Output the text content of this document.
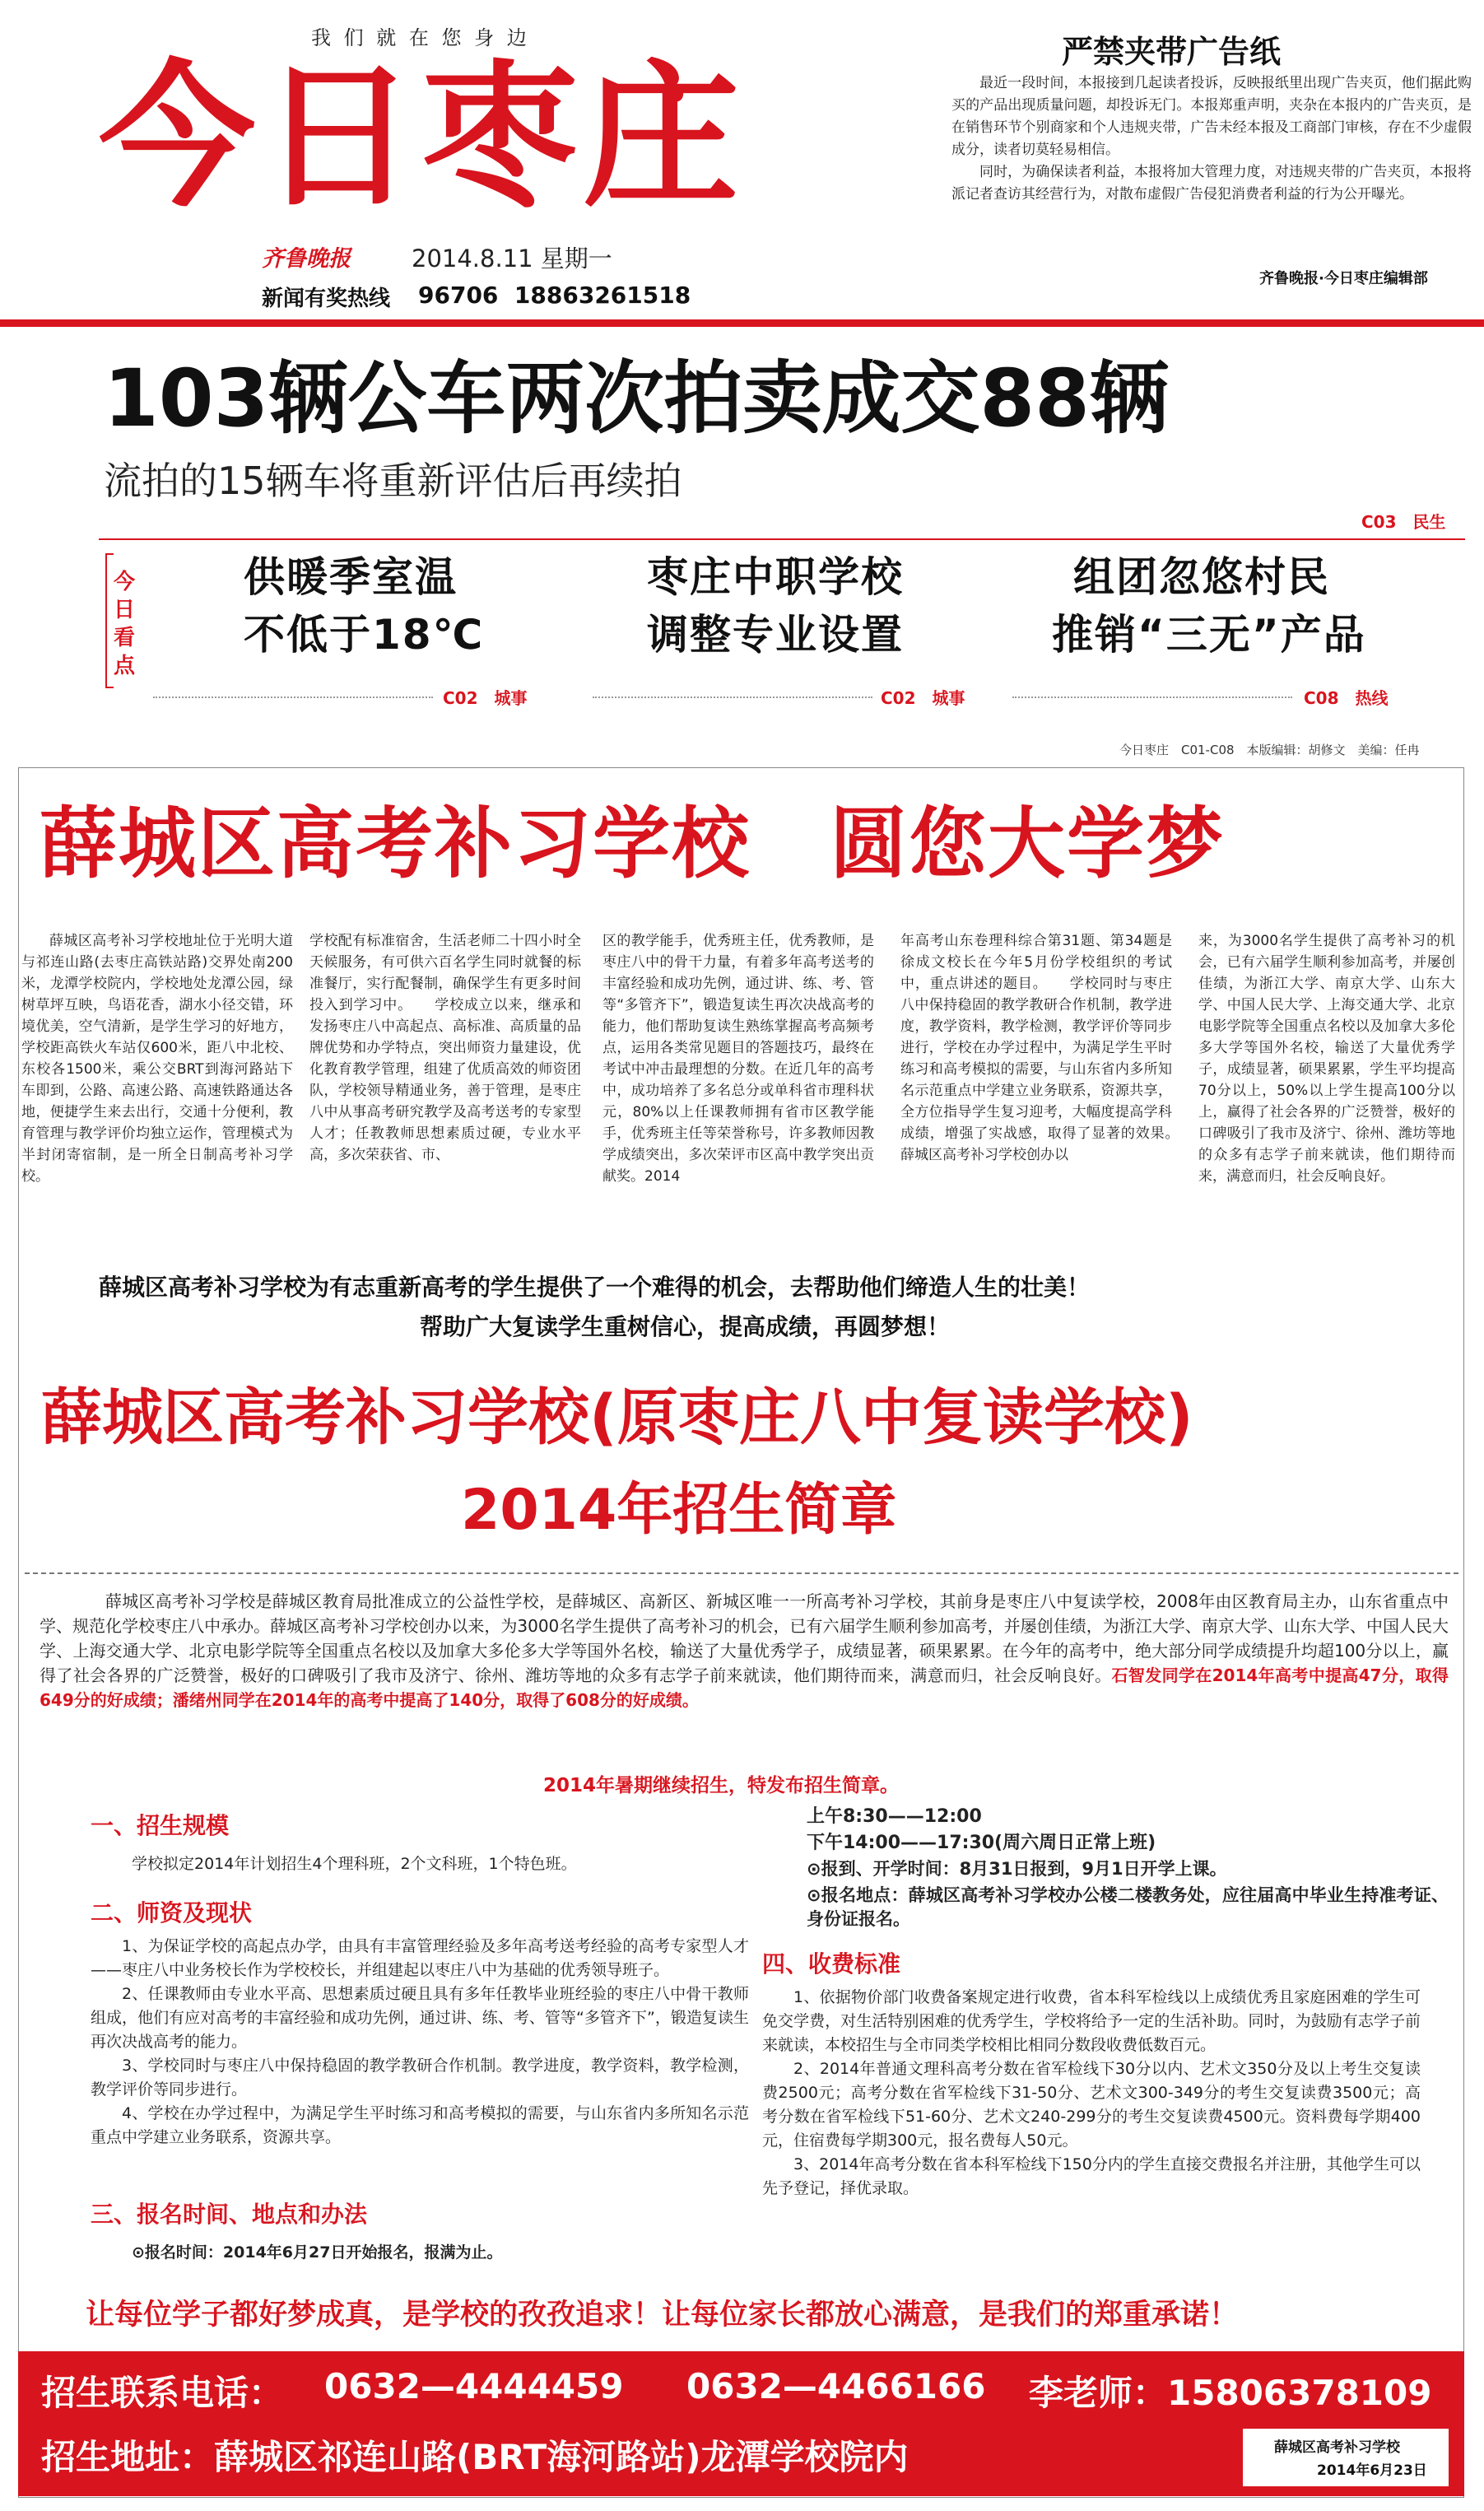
我 们 就 在 您 身 边
今日枣庄
齐鲁晚报	2014.8.11 星期一
新闻有奖热线 96706  18863261518
严禁夹带广告纸

最近一段时间，本报接到几起读者投诉，反映报纸里出现广告夹页，他们据此购买的产品出现质量问题，却投诉无门。本报郑重声明，夹杂在本报内的广告夹页，是在销售环节个别商家和个人违规夹带，广告未经本报及工商部门审核，存在不少虚假成分，读者切莫轻易相信。

同时，为确保读者利益，本报将加大管理力度，对违规夹带的广告夹页，本报将派记者查访其经营行为，对散布虚假广告侵犯消费者利益的行为公开曝光。

齐鲁晚报·今日枣庄编辑部
103辆公车两次拍卖成交88辆
流拍的15辆车将重新评估后再续拍
C03　 民生
今日看点
供暖季室温
不低于18℃
C02　 城事
枣庄中职学校
调整专业设置
C02　 城事
组团忽悠村民
推销“三无”产品
C08　 热线
今日枣庄　C01-C08　本版编辑：胡修文　美编：任冉
薛城区高考补习学校　圆您大学梦
薛城区高考补习学校地址位于光明大道与祁连山路(去枣庄高铁站路)交界处南200米，龙潭学校院内，学校地处龙潭公园，绿树草坪互映，鸟语花香，湖水小径交错，环境优美，空气清新，是学生学习的好地方，学校距高铁火车站仅600米，距八中北校、东校各1500米，乘公交BRT到海河路站下车即到，公路、高速公路、高速铁路通达各地，便捷学生来去出行，交通十分便利，教育管理与教学评价均独立运作，管理模式为半封闭寄宿制，是一所全日制高考补习学校。
学校配有标准宿舍，生活老师二十四小时全天候服务，有可供六百名学生同时就餐的标准餐厅，实行配餐制，确保学生有更多时间投入到学习中。　　学校成立以来，继承和发扬枣庄八中高起点、高标准、高质量的品牌优势和办学特点，突出师资力量建设，优化教育教学管理，组建了优质高效的师资团队，学校领导精通业务，善于管理，是枣庄八中从事高考研究教学及高考送考的专家型人才；任教教师思想素质过硬，专业水平高，多次荣获省、市、
区的教学能手，优秀班主任，优秀教师，是枣庄八中的骨干力量，有着多年高考送考的丰富经验和成功先例，通过讲、练、考、管等“多管齐下”，锻造复读生再次决战高考的能力，他们帮助复读生熟练掌握高考高频考点，运用各类常见题目的答题技巧，最终在考试中冲击最理想的分数。在近几年的高考中，成功培养了多名总分或单科省市理科状元，80%以上任课教师拥有省市区教学能手，优秀班主任等荣誉称号，许多教师因教学成绩突出，多次荣评市区高中教学突出贡献奖。2014
年高考山东卷理科综合第31题、第34题是徐成文校长在今年5月份学校组织的考试中，重点讲述的题目。　　学校同时与枣庄八中保持稳固的教学教研合作机制，教学进度，教学资料，教学检测，教学评价等同步进行，学校在办学过程中，为满足学生平时练习和高考模拟的需要，与山东省内多所知名示范重点中学建立业务联系，资源共享，全方位指导学生复习迎考，大幅度提高学科成绩，增强了实战感，取得了显著的效果。　　薛城区高考补习学校创办以
来，为3000名学生提供了高考补习的机会，已有六届学生顺利参加高考，并屡创佳绩，为浙江大学、南京大学、山东大学、中国人民大学、上海交通大学、北京电影学院等全国重点名校以及加拿大多伦多大学等国外名校，输送了大量优秀学子，成绩显著，硕果累累，学生平均提高70分以上，50%以上学生提高100分以上，赢得了社会各界的广泛赞誉，极好的口碑吸引了我市及济宁、徐州、潍坊等地的众多有志学子前来就读，他们期待而来，满意而归，社会反响良好。
薛城区高考补习学校为有志重新高考的学生提供了一个难得的机会，去帮助他们缔造人生的壮美！
帮助广大复读学生重树信心，提高成绩，再圆梦想！
薛城区高考补习学校(原枣庄八中复读学校)
2014年招生简章
薛城区高考补习学校是薛城区教育局批准成立的公益性学校，是薛城区、高新区、新城区唯一一所高考补习学校，其前身是枣庄八中复读学校，2008年由区教育局主办，山东省重点中学、规范化学校枣庄八中承办。薛城区高考补习学校创办以来，为3000名学生提供了高考补习的机会，已有六届学生顺利参加高考，并屡创佳绩，为浙江大学、南京大学、山东大学、中国人民大学、上海交通大学、北京电影学院等全国重点名校以及加拿大多伦多大学等国外名校，输送了大量优秀学子，成绩显著，硕果累累。在今年的高考中，绝大部分同学成绩提升均超100分以上，赢得了社会各界的广泛赞誉，极好的口碑吸引了我市及济宁、徐州、潍坊等地的众多有志学子前来就读，他们期待而来，满意而归，社会反响良好。石智发同学在2014年高考中提高47分，取得649分的好成绩；潘绪州同学在2014年的高考中提高了140分，取得了608分的好成绩。
2014年暑期继续招生，特发布招生简章。
一、招生规模
学校拟定2014年计划招生4个理科班，2个文科班，1个特色班。
二、师资及现状

1、为保证学校的高起点办学，由具有丰富管理经验及多年高考送考经验的高考专家型人才——枣庄八中业务校长作为学校校长，并组建起以枣庄八中为基础的优秀领导班子。

2、任课教师由专业水平高、思想素质过硬且具有多年任教毕业班经验的枣庄八中骨干教师组成，他们有应对高考的丰富经验和成功先例，通过讲、练、考、管等“多管齐下”，锻造复读生再次决战高考的能力。

3、学校同时与枣庄八中保持稳固的教学教研合作机制。教学进度，教学资料，教学检测，教学评价等同步进行。

4、学校在办学过程中，为满足学生平时练习和高考模拟的需要，与山东省内多所知名示范重点中学建立业务联系，资源共享。

三、报名时间、地点和办法
⊙报名时间：2014年6月27日开始报名，报满为止。
上午8:30——12:00
下午14:00——17:30(周六周日正常上班)
⊙报到、开学时间：8月31日报到，9月1日开学上课。
⊙报名地点：薛城区高考补习学校办公楼二楼教务处，应往届高中毕业生持准考证、身份证报名。
四、收费标准

1、依据物价部门收费备案规定进行收费，省本科军检线以上成绩优秀且家庭困难的学生可免交学费，对生活特别困难的优秀学生，学校将给予一定的生活补助。同时，为鼓励有志学子前来就读，本校招生与全市同类学校相比相同分数段收费低数百元。

2、2014年普通文理科高考分数在省军检线下30分以内、艺术文350分及以上考生交复读费2500元；高考分数在省军检线下31-50分、艺术文300-349分的考生交复读费3500元；高考分数在省军检线下51-60分、艺术文240-299分的考生交复读费4500元。资料费每学期400元，住宿费每学期300元，报名费每人50元。

3、2014年高考分数在省本科军检线下150分内的学生直接交费报名并注册，其他学生可以先予登记，择优录取。

让每位学子都好梦成真，是学校的孜孜追求！让每位家长都放心满意，是我们的郑重承诺！
招生联系电话： 0632—4444459 0632—4466166 李老师：15806378109
招生地址：薛城区祁连山路(BRT海河路站)龙潭学校院内	薛城区高考补习学校
2014年6月23日
